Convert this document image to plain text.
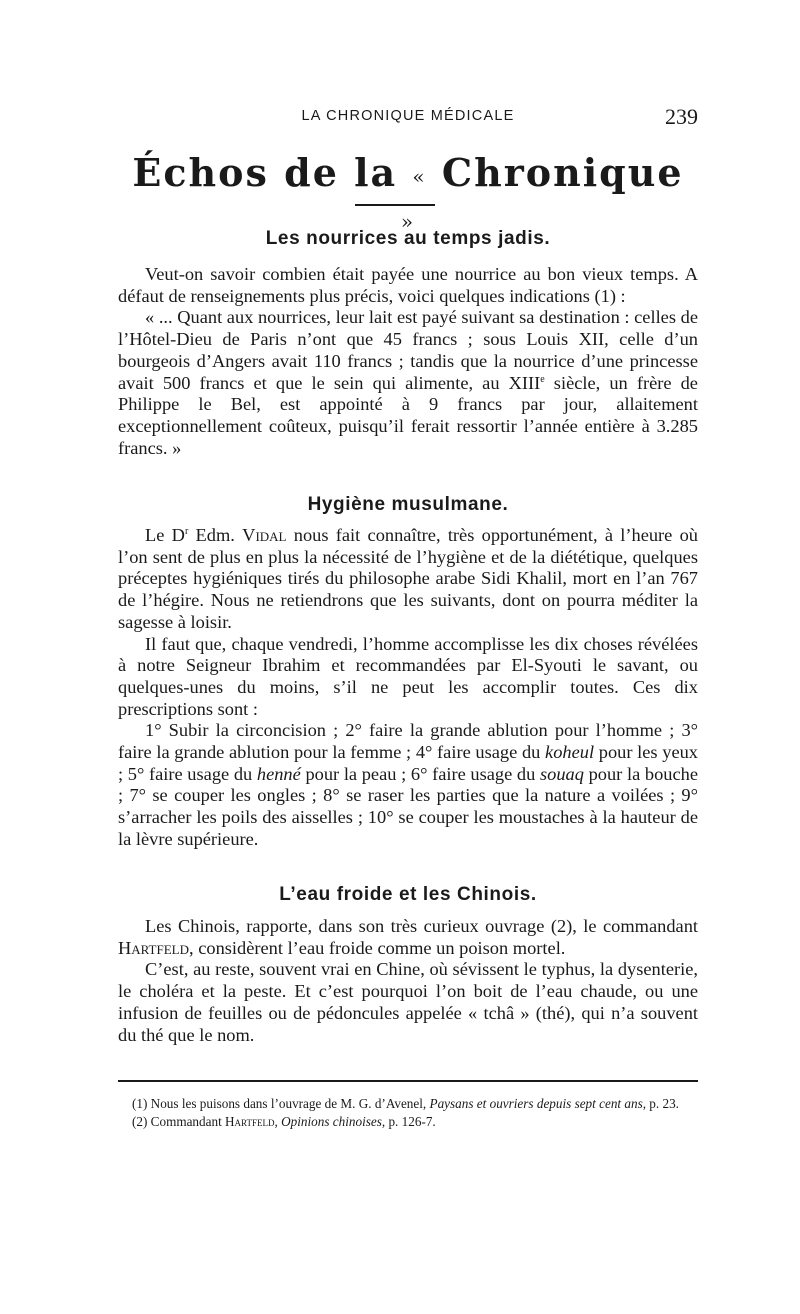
LA CHRONIQUE MÉDICALE	239
Échos de la « Chronique »
Les nourrices au temps jadis.

Veut-on savoir combien était payée une nourrice au bon vieux temps. A défaut de renseignements plus précis, voici quelques indications (1) :

« ... Quant aux nourrices, leur lait est payé suivant sa destination : celles de l’Hôtel-Dieu de Paris n’ont que 45 francs ; sous Louis XII, celle d’un bourgeois d’Angers avait 110 francs ; tandis que la nourrice d’une princesse avait 500 francs et que le sein qui alimente, au XIIIe siècle, un frère de Philippe le Bel, est appointé à 9 francs par jour, allaitement exceptionnellement coûteux, puisqu’il ferait ressortir l’année entière à 3.285 francs. »

Hygiène musulmane.

Le $D^r$ Edm. Vidal nous fait connaître, très opportunément, à l’heure où l’on sent de plus en plus la nécessité de l’hygiène et de la diététique, quelques préceptes hygiéniques tirés du philosophe arabe Sidi Khalil, mort en l’an 767 de l’hégire. Nous ne retiendrons que les suivants, dont on pourra méditer la sagesse à loisir.

Il faut que, chaque vendredi, l’homme accomplisse les dix choses révélées à notre Seigneur Ibrahim et recommandées par El-Syouti le savant, ou quelques-unes du moins, s’il ne peut les accomplir toutes. Ces dix prescriptions sont :

1° Subir la circoncision ; 2° faire la grande ablution pour l’homme ; 3° faire la grande ablution pour la femme ; 4° faire usage du koheul pour les yeux ; 5° faire usage du henné pour la peau ; 6° faire usage du souaq pour la bouche ; 7° se couper les ongles ; 8° se raser les parties que la nature a voilées ; 9° s’arracher les poils des aisselles ; 10° se couper les moustaches à la hauteur de la lèvre supérieure.

L’eau froide et les Chinois.

Les Chinois, rapporte, dans son très curieux ouvrage (2), le commandant Hartfeld, considèrent l’eau froide comme un poison mortel.

C’est, au reste, souvent vrai en Chine, où sévissent le typhus, la dysenterie, le choléra et la peste. Et c’est pourquoi l’on boit de l’eau chaude, ou une infusion de feuilles ou de pédoncules appelée « tchâ » (thé), qui n’a souvent du thé que le nom.

(1) Nous les puisons dans l’ouvrage de M. G. d’Avenel, Paysans et ouvriers depuis sept cent ans, p. 23.

(2) Commandant Hartfeld, Opinions chinoises, p. 126-7.
